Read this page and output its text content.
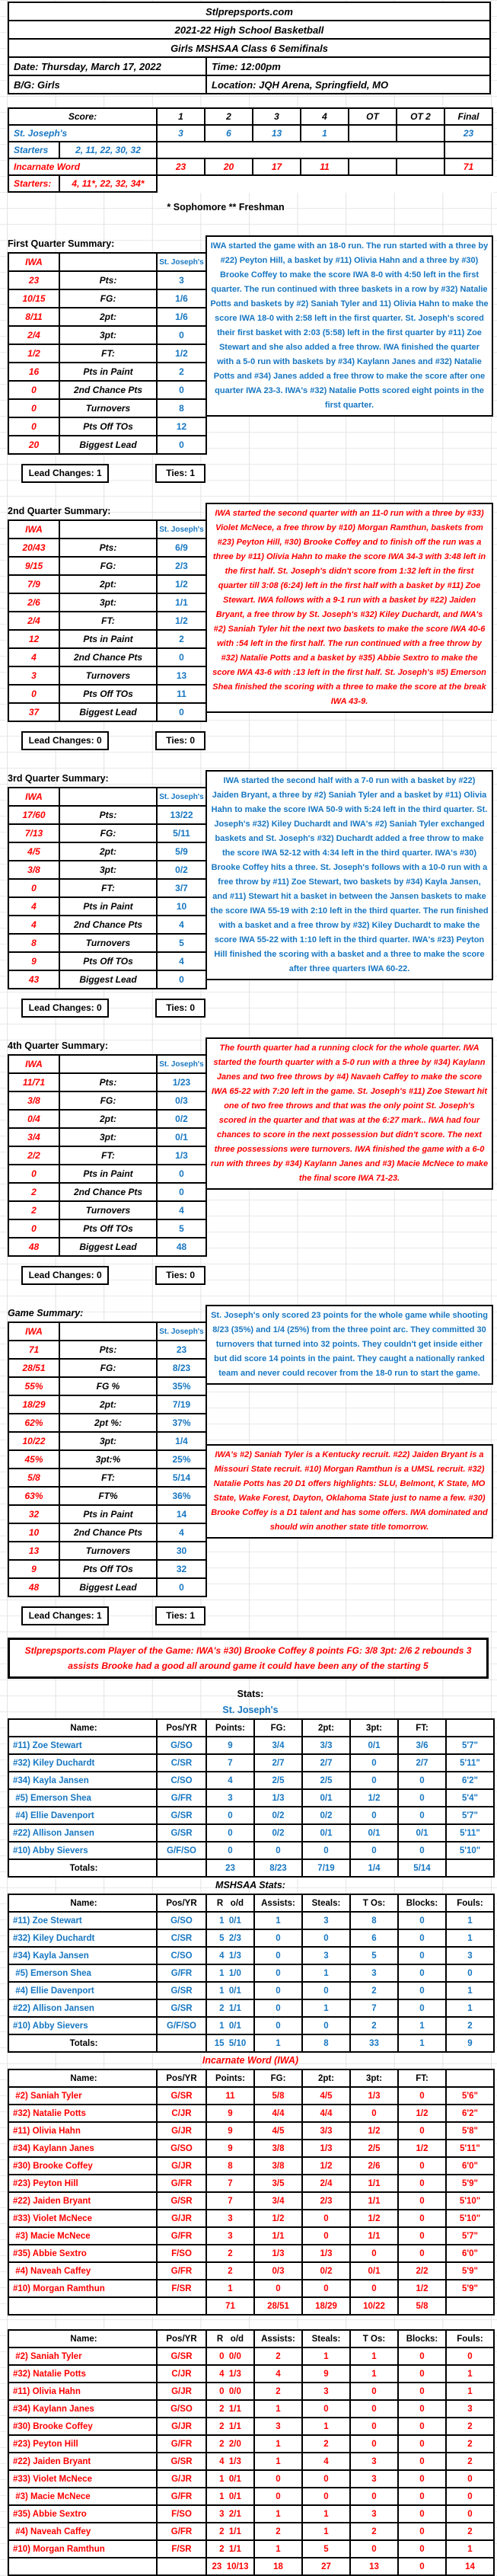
Stlprepsports.com	
2021-22 High School Basketball	
Girls MSHSAA Class 6 Semifinals	
Date: Thursday, March 17, 2022	Time: 12:00pm
B/G: Girls	Location: JQH Arena, Springfield, MO
Score:		1	2	3	4	OT	OT 2	Final
St. Joseph's		3	6	13	1			23
Starters	2, 11, 22, 30, 32							
Incarnate Word		23	20	17	11			71
Starters:	4, 11*, 22, 32, 34*							
* Sophomore ** Freshman
First Quarter Summary:
IWA		St. Joseph's
23	Pts:	3
10/15	FG:	1/6
8/11	2pt:	1/6
2/4	3pt:	0
1/2	FT:	1/2
16	Pts in Paint	2
0	2nd Chance Pts	0
0	Turnovers	8
0	Pts Off TOs	12
20	Biggest Lead	0
Lead Changes: 1	Ties: 1
IWA started the game with an 18-0 run. The run started with a three by #22) Peyton Hill, a basket by #11) Olivia Hahn and a three by #30) Brooke Coffey to make the score IWA 8-0 with 4:50 left in the first quarter. The run continued with three baskets in a row by #32) Natalie Potts and baskets by #2) Saniah Tyler and 11) Olivia Hahn to make the score IWA 18-0 with 2:58 left in the first quarter. St. Joseph's scored their first basket with 2:03 (5:58) left in the first quarter by #11) Zoe Stewart and she also added a free throw. IWA finished the quarter with a 5-0 run with baskets by #34) Kaylann Janes and #32) Natalie Potts and #34) Janes added a free throw to make the score after one quarter IWA 23-3. IWA's #32) Natalie Potts scored eight points in the first quarter.
2nd Quarter Summary:
IWA		St. Joseph's
20/43	Pts:	6/9
9/15	FG:	2/3
7/9	2pt:	1/2
2/6	3pt:	1/1
2/4	FT:	1/2
12	Pts in Paint	2
4	2nd Chance Pts	0
3	Turnovers	13
0	Pts Off TOs	11
37	Biggest Lead	0
Lead Changes: 0	Ties: 0
IWA started the second quarter with an 11-0 run with a three by #33) Violet McNece, a free throw by #10) Morgan Ramthun, baskets from #23) Peyton Hill, #30) Brooke Coffey and to finish off the run was a three by #11) Olivia Hahn to make the score IWA 34-3 with 3:48 left in the first half. St. Joseph's didn't score from 1:32 left in the first quarter till 3:08 (6:24) left in the first half with a basket by #11) Zoe Stewart. IWA follows with a 9-1 run with a basket by #22) Jaiden Bryant, a free throw by St. Joseph's #32) Kiley Duchardt, and IWA's #2) Saniah Tyler hit the next two baskets to make the score IWA 40-6 with :54 left in the first half. The run continued with a free throw by #32) Natalie Potts and a basket by #35) Abbie Sextro to make the score IWA 43-6 with :13 left in the first half. St. Joseph's #5) Emerson Shea finished the scoring with a three to make the score at the break IWA 43-9.
3rd Quarter Summary:
IWA		St. Joseph's
17/60	Pts:	13/22
7/13	FG:	5/11
4/5	2pt:	5/9
3/8	3pt:	0/2
0	FT:	3/7
4	Pts in Paint	10
4	2nd Chance Pts	4
8	Turnovers	5
9	Pts Off TOs	4
43	Biggest Lead	0
Lead Changes: 0	Ties: 0
IWA started the second half with a 7-0 run with a basket by #22) Jaiden Bryant, a three by #2) Saniah Tyler and a basket by #11) Olivia Hahn to make the score IWA 50-9 with 5:24 left in the third quarter. St. Joseph's #32) Kiley Duchardt and IWA's #2) Saniah Tyler exchanged baskets and St. Joseph's #32) Duchardt added a free throw to make the score IWA 52-12 with 4:34 left in the third quarter. IWA's #30) Brooke Coffey hits a three. St. Joseph's follows with a 10-0 run with a free throw by #11) Zoe Stewart, two baskets by #34) Kayla Jansen, and #11) Stewart hit a basket in between the Jansen baskets to make the score IWA 55-19 with 2:10 left in the third quarter. The run finished with a basket and a free throw by #32) Kiley Duchardt to make the score IWA 55-22 with 1:10 left in the third quarter. IWA's #23) Peyton Hill finished the scoring with a basket and a three to make the score after three quarters IWA 60-22.
4th Quarter Summary:
IWA		St. Joseph's
11/71	Pts:	1/23
3/8	FG:	0/3
0/4	2pt:	0/2
3/4	3pt:	0/1
2/2	FT:	1/3
0	Pts in Paint	0
2	2nd Chance Pts	0
2	Turnovers	4
0	Pts Off TOs	5
48	Biggest Lead	48
Lead Changes: 0	Ties: 0
The fourth quarter had a running clock for the whole quarter. IWA started the fourth quarter with a 5-0 run with a three by #34) Kaylann Janes and two free throws by #4) Navaeh Caffey to make the score IWA 65-22 with 7:20 left in the game. St. Joseph's #11) Zoe Stewart hit one of two free throws and that was the only point St. Joseph's scored in the quarter and that was at the 6:27 mark.. IWA had four chances to score in the next possession but didn't score. The next three possessions were turnovers. IWA finished the game with a 6-0 run with threes by #34) Kaylann Janes and #3) Macie McNece to make the final score IWA 71-23.
Game Summary:
IWA		St. Joseph's
71	Pts:	23
28/51	FG:	8/23
55%	FG %	35%
18/29	2pt:	7/19
62%	2pt %:	37%
10/22	3pt:	1/4
45%	3pt:%	25%
5/8	FT:	5/14
63%	FT%	36%
32	Pts in Paint	14
10	2nd Chance Pts	4
13	Turnovers	30
9	Pts Off TOs	32
48	Biggest Lead	0
Lead Changes: 1	Ties: 1
St. Joseph's only scored 23 points for the whole game while shooting 8/23 (35%) and 1/4 (25%) from the three point arc. They committed 30 turnovers that turned into 32 points. They couldn't get inside either but did score 14 points in the paint. They caught a nationally ranked team and never could recover from the 18-0 run to start the game.
IWA's #2) Saniah Tyler is a Kentucky recruit. #22) Jaiden Bryant is a Missouri State recruit. #10) Morgan Ramthun is a UMSL recruit. #32) Natalie Potts has 20 D1 offers highlights: SLU, Belmont, K State, MO State, Wake Forest, Dayton, Oklahoma State just to name a few. #30) Brooke Coffey is a D1 talent and has some offers. IWA dominated and should win another state title tomorrow.
Stlprepsports.com Player of the Game: IWA's #30) Brooke Coffey 8 points FG: 3/8 3pt: 2/6 2 rebounds 3 assists Brooke had a good all around game it could have been any of the starting 5
Stats:
St. Joseph's
Name:	Pos/YR	Points:	FG:	2pt:	3pt:	FT:	
#11) Zoe Stewart	G/SO	9	3/4	3/3	0/1	3/6	5'7"
#32) Kiley Duchardt	C/SR	7	2/7	2/7	0	2/7	5'11"
#34) Kayla Jansen	C/SO	4	2/5	2/5	0	0	6'2"
#5) Emerson Shea	G/FR	3	1/3	0/1	1/2	0	5'4"
#4) Ellie Davenport	G/SR	0	0/2	0/2	0	0	5'7"
#22) Allison Jansen	G/SR	0	0/2	0/1	0/1	0/1	5'11"
#10) Abby Sievers	G/F/SO	0	0	0	0	0	5'10"
Totals:		23	8/23	7/19	1/4	5/14	
MSHSAA Stats:
Name:	Pos/YR	R   o/d	Assists:	Steals:	T Os:	Blocks:	Fouls:
#11) Zoe Stewart	G/SO	1  0/1	1	3	8	0	1
#32) Kiley Duchardt	C/SR	5  2/3	0	0	6	0	1
#34) Kayla Jansen	C/SO	4  1/3	0	3	5	0	3
#5) Emerson Shea	G/FR	1  1/0	0	1	3	0	0
#4) Ellie Davenport	G/SR	1  0/1	0	0	2	0	1
#22) Allison Jansen	G/SR	2  1/1	0	1	7	0	1
#10) Abby Sievers	G/F/SO	1  0/1	0	0	2	1	2
Totals:		15  5/10	1	8	33	1	9
Incarnate Word (IWA)
Name:	Pos/YR	Points:	FG:	2pt:	3pt:	FT:	
#2) Saniah Tyler	G/SR	11	5/8	4/5	1/3	0	5'6"
#32) Natalie Potts	C/JR	9	4/4	4/4	0	1/2	6'2"
#11) Olivia Hahn	G/JR	9	4/5	3/3	1/2	0	5'8"
#34) Kaylann Janes	G/SO	9	3/8	1/3	2/5	1/2	5'11"
#30) Brooke Coffey	G/JR	8	3/8	1/2	2/6	0	6'0"
#23) Peyton Hill	G/FR	7	3/5	2/4	1/1	0	5'9"
#22) Jaiden Bryant	G/SR	7	3/4	2/3	1/1	0	5'10"
#33) Violet McNece	G/JR	3	1/2	0	1/2	0	5'10"
#3) Macie McNece	G/FR	3	1/1	0	1/1	0	5'7"
#35) Abbie Sextro	F/SO	2	1/3	1/3	0	0	6'0"
#4) Naveah Caffey	G/FR	2	0/3	0/2	0/1	2/2	5'9"
#10) Morgan Ramthun	F/SR	1	0	0	0	1/2	5'9"
		71	28/51	18/29	10/22	5/8	
Name:	Pos/YR	R   o/d	Assists:	Steals:	T Os:	Blocks:	Fouls:
#2) Saniah Tyler	G/SR	0  0/0	2	1	1	0	0
#32) Natalie Potts	C/JR	4  1/3	4	9	1	0	1
#11) Olivia Hahn	G/JR	0  0/0	2	3	0	0	1
#34) Kaylann Janes	G/SO	2  1/1	1	0	0	0	3
#30) Brooke Coffey	G/JR	2  1/1	3	1	0	0	2
#23) Peyton Hill	G/FR	2  2/0	1	2	0	0	2
#22) Jaiden Bryant	G/SR	4  1/3	1	4	3	0	2
#33) Violet McNece	G/JR	1  0/1	0	0	3	0	0
#3) Macie McNece	G/FR	1  0/1	0	0	0	0	0
#35) Abbie Sextro	F/SO	3  2/1	1	1	3	0	0
#4) Naveah Caffey	G/FR	2  1/1	2	1	2	0	2
#10) Morgan Ramthun	F/SR	2  1/1	1	5	0	0	1
		23  10/13	18	27	13	0	14
